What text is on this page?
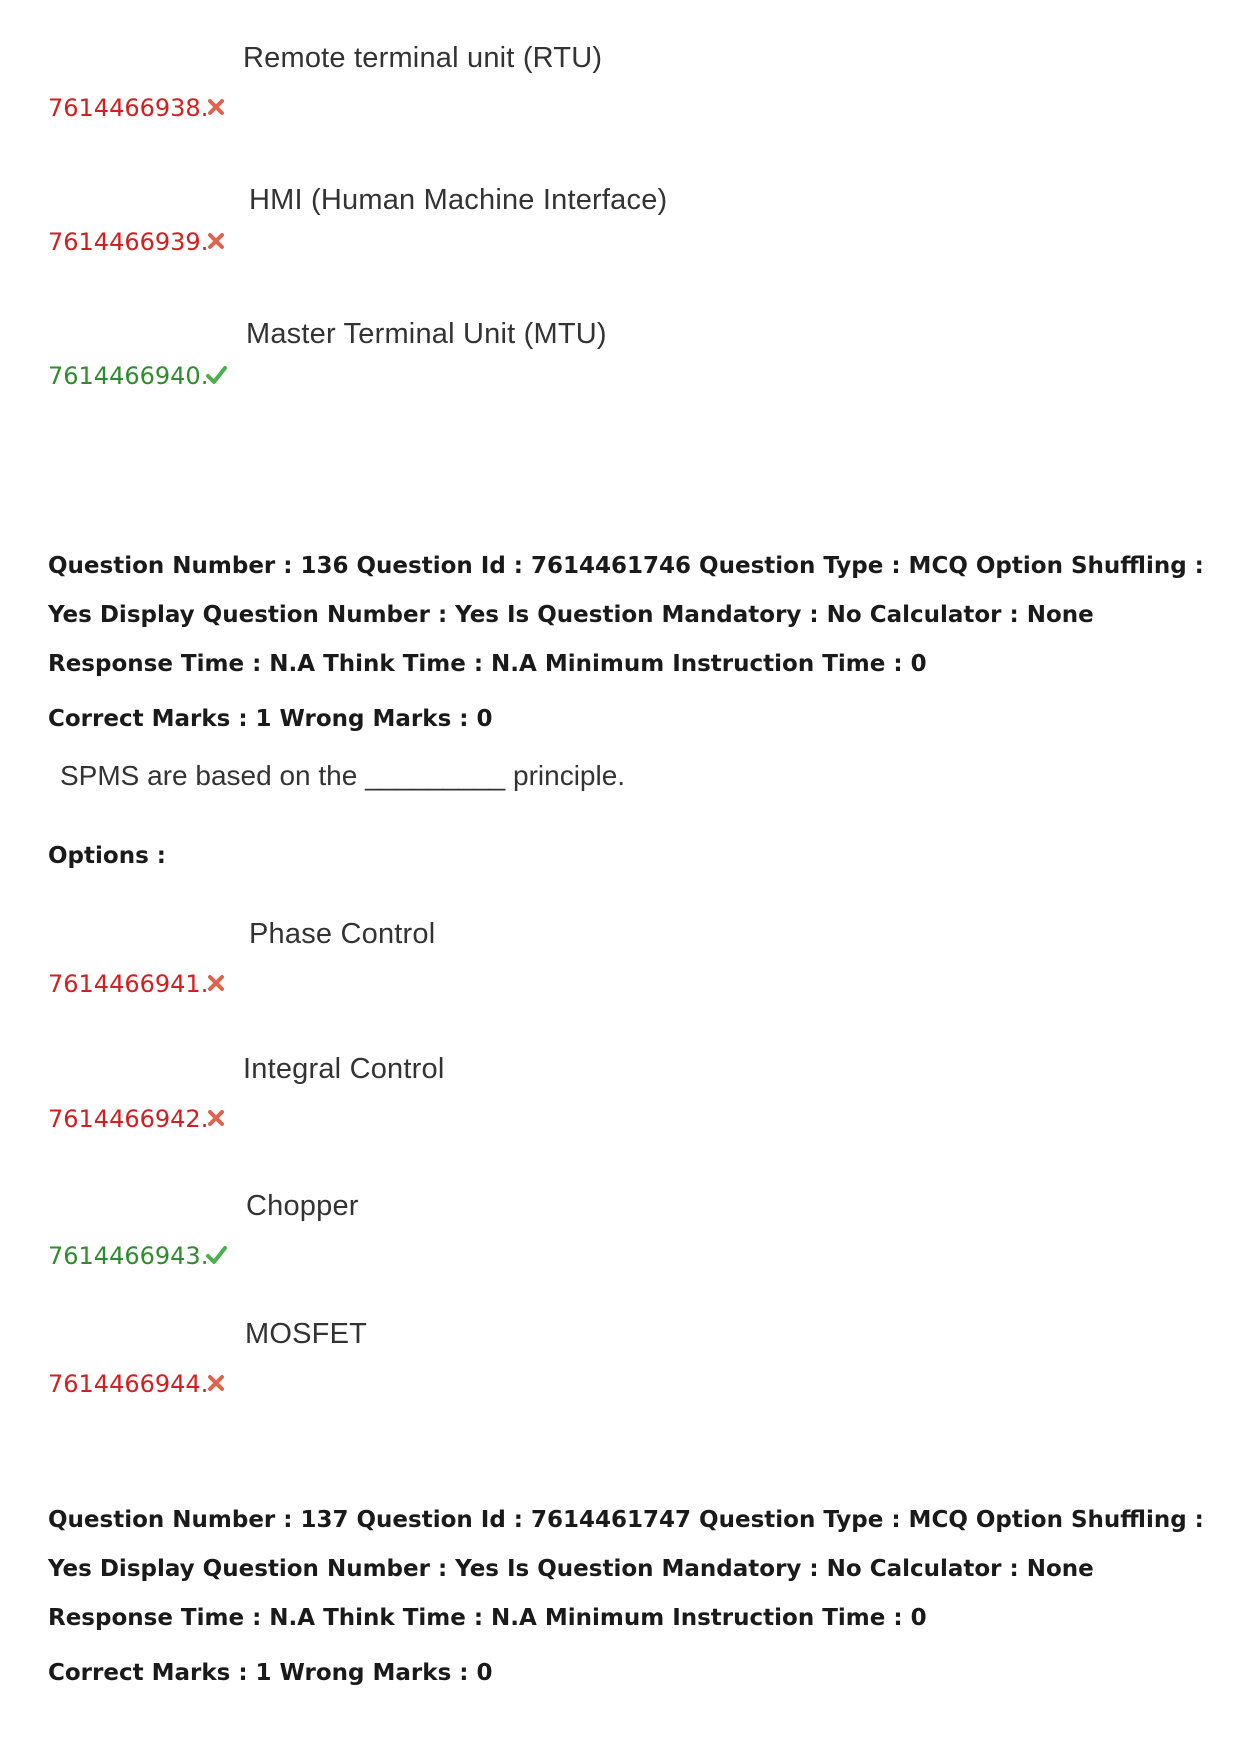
7614466938.
Remote terminal unit (RTU)
7614466939.
HMI (Human Machine Interface)
7614466940.
Master Terminal Unit (MTU)

Question Number : 136 Question Id : 7614461746 Question Type : MCQ Option Shuffling : Yes Display Question Number : Yes Is Question Mandatory : No Calculator : None Response Time : N.A Think Time : N.A Minimum Instruction Time : 0

Correct Marks : 1 Wrong Marks : 0
SPMS are based on the _________ principle.
Options :
7614466941.
Phase Control
7614466942.
Integral Control
7614466943.
Chopper
7614466944.
MOSFET

Question Number : 137 Question Id : 7614461747 Question Type : MCQ Option Shuffling : Yes Display Question Number : Yes Is Question Mandatory : No Calculator : None Response Time : N.A Think Time : N.A Minimum Instruction Time : 0

Correct Marks : 1 Wrong Marks : 0
